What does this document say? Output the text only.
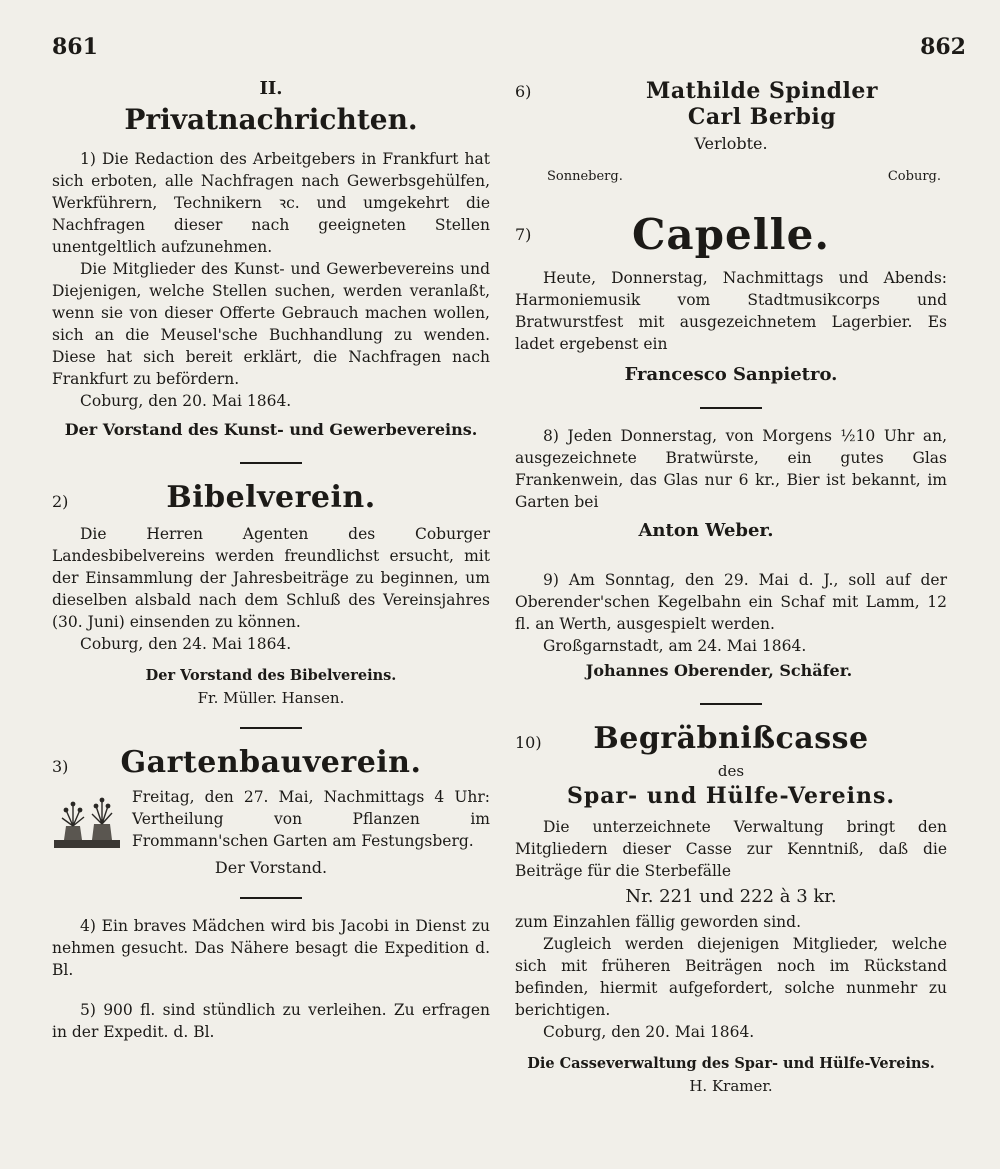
861	862
II.
Privatnachrichten.

1) Die Redaction des Arbeitgebers in Frankfurt hat sich erboten, alle Nachfragen nach Gewerbsgehülfen, Werkführern, Technikern ꝛc. und umgekehrt die Nachfragen dieser nach geeigneten Stellen unentgeltlich aufzunehmen.

Die Mitglieder des Kunst- und Gewerbevereins und Diejenigen, welche Stellen suchen, werden veranlaßt, wenn sie von dieser Offerte Gebrauch machen wollen, sich an die Meusel'sche Buchhandlung zu wenden. Diese hat sich bereit erklärt, die Nachfragen nach Frankfurt zu befördern.

Coburg, den 20. Mai 1864.

Der Vorstand des Kunst- und Gewerbevereins.

2)	Bibelverein.

Die Herren Agenten des Coburger Landesbibelvereins werden freundlichst ersucht, mit der Einsammlung der Jahresbeiträge zu beginnen, um dieselben alsbald nach dem Schluß des Vereinsjahres (30. Juni) einsenden zu können.

Coburg, den 24. Mai 1864.

Der Vorstand des Bibelvereins.

Fr. Müller. Hansen.

3)	Gartenbauverein.

Freitag, den 27. Mai, Nachmittags 4 Uhr: Vertheilung von Pflanzen im Frommann'schen Garten am Festungsberg.

Der Vorstand.

4) Ein braves Mädchen wird bis Jacobi in Dienst zu nehmen gesucht. Das Nähere besagt die Expedition d. Bl.

5) 900 fl. sind stündlich zu verleihen. Zu erfragen in der Expedit. d. Bl.

6)	Mathilde Spindler
Carl Berbig

Verlobte.

Sonneberg.	Coburg.
7)	Capelle.

Heute, Donnerstag, Nachmittags und Abends: Harmoniemusik vom Stadtmusikcorps und Bratwurstfest mit ausgezeichnetem Lagerbier. Es ladet ergebenst ein

Francesco Sanpietro.

8) Jeden Donnerstag, von Morgens ½10 Uhr an, ausgezeichnete Bratwürste, ein gutes Glas Frankenwein, das Glas nur 6 kr., Bier ist bekannt, im Garten bei

Anton Weber.

9) Am Sonntag, den 29. Mai d. J., soll auf der Oberender'schen Kegelbahn ein Schaf mit Lamm, 12 fl. an Werth, ausgespielt werden.

Großgarnstadt, am 24. Mai 1864.

Johannes Oberender, Schäfer.

10)	Begräbnißcasse

des

Spar- und Hülfe-Vereins.

Die unterzeichnete Verwaltung bringt den Mitgliedern dieser Casse zur Kenntniß, daß die Beiträge für die Sterbefälle

Nr. 221 und 222 à 3 kr.

zum Einzahlen fällig geworden sind.

Zugleich werden diejenigen Mitglieder, welche sich mit früheren Beiträgen noch im Rückstand befinden, hiermit aufgefordert, solche nunmehr zu berichtigen.

Coburg, den 20. Mai 1864.

Die Casseverwaltung des Spar- und Hülfe-Vereins.

H. Kramer.
